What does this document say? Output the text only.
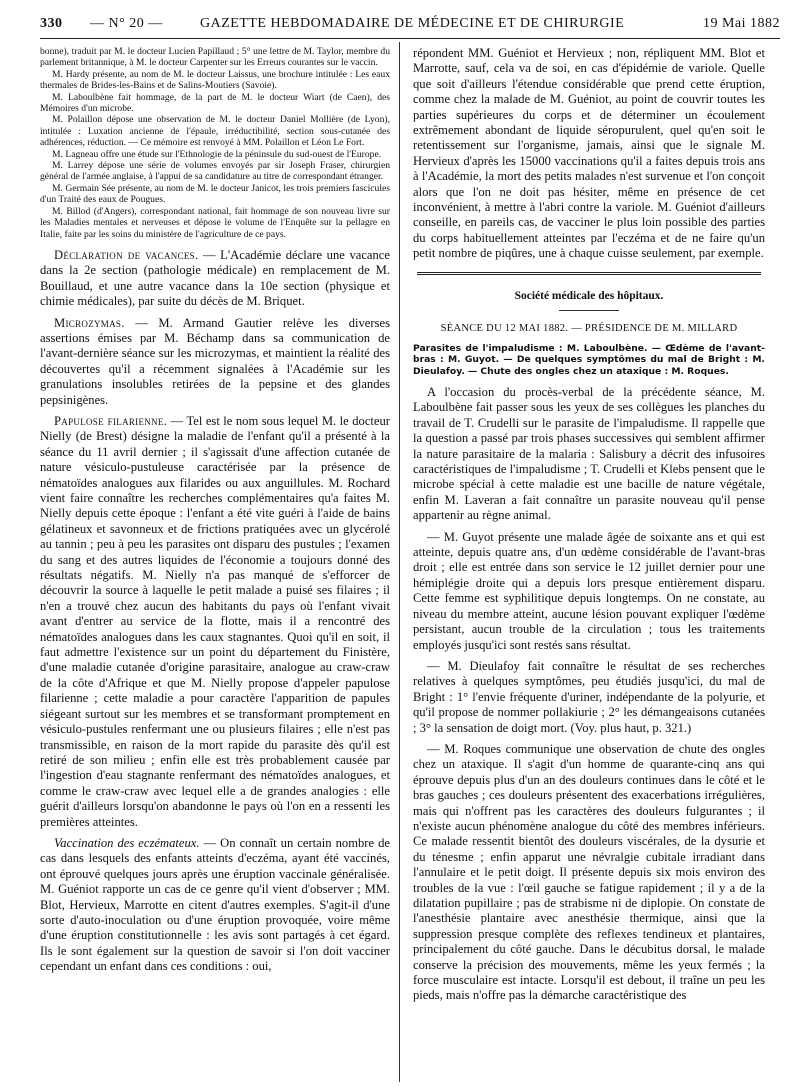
330 — N° 20 —	GAZETTE HEBDOMADAIRE DE MÉDECINE ET DE CHIRURGIE	19 Mai 1882

bonne), traduit par M. le docteur Lucien Papillaud ; 5° une lettre de M. Taylor, membre du parlement britannique, à M. le docteur Carpenter sur les Erreurs courantes sur le vaccin.

M. Hardy présente, au nom de M. le docteur Laissus, une brochure intitulée : Les eaux thermales de Brides-les-Bains et de Salins-Moutiers (Savoie).

M. Laboulbène fait hommage, de la part de M. le docteur Wiart (de Caen), des Mémoires d'un microbe.

M. Polaillon dépose une observation de M. le docteur Daniel Mollière (de Lyon), intitulée : Luxation ancienne de l'épaule, irréductibilité, section sous-cutanée des adhérences, réduction. — Ce mémoire est renvoyé à MM. Polaillon et Léon Le Fort.

M. Lagneau offre une étude sur l'Ethnologie de la péninsule du sud-ouest de l'Europe.

M. Larrey dépose une série de volumes envoyés par sir Joseph Fraser, chirurgien général de l'armée anglaise, à l'appui de sa candidature au titre de correspondant étranger.

M. Germain Sée présente, au nom de M. le docteur Janicot, les trois premiers fascicules d'un Traité des eaux de Pougues.

M. Billod (d'Angers), correspondant national, fait hommage de son nouveau livre sur les Maladies mentales et nerveuses et dépose le volume de l'Enquête sur la pellagre en Italie, faite par les soins du ministère de l'agriculture de ce pays.

Déclaration de vacances. — L'Académie déclare une vacance dans la 2e section (pathologie médicale) en remplacement de M. Bouillaud, et une autre vacance dans la 10e section (physique et chimie médicales), par suite du décès de M. Briquet.

Microzymas. — M. Armand Gautier relève les diverses assertions émises par M. Béchamp dans sa communication de l'avant-dernière séance sur les microzymas, et maintient la réalité des découvertes qu'il a récemment signalées à l'Académie sur les granulations insolubles retirées de la pepsine et des glandes pepsinigènes.

Papulose filarienne. — Tel est le nom sous lequel M. le docteur Nielly (de Brest) désigne la maladie de l'enfant qu'il a présenté à la séance du 11 avril dernier ; il s'agissait d'une affection cutanée de nature vésiculo-pustuleuse caractérisée par la présence de nématoïdes analogues aux filarides ou aux anguillules. M. Rochard vient faire connaître les recherches complémentaires qu'a faites M. Nielly depuis cette époque : l'enfant a été vite guéri à l'aide de bains gélatineux et savonneux et de frictions pratiquées avec un glycérolé au tannin ; peu à peu les parasites ont disparu des pustules ; l'examen du sang et des autres liquides de l'économie a toujours donné des résultats négatifs. M. Nielly n'a pas manqué de s'efforcer de découvrir la source à laquelle le petit malade a puisé ses filaires ; il n'en a trouvé chez aucun des habitants du pays où l'enfant vivait avant d'entrer au service de la flotte, mais il a rencontré des nématoïdes analogues dans les caux stagnantes. Quoi qu'il en soit, il faut admettre l'existence sur un point du département du Finistère, d'une maladie cutanée d'origine parasitaire, analogue au craw-craw de la côte d'Afrique et que M. Nielly propose d'appeler papulose filarienne ; cette maladie a pour caractère l'apparition de papules siégeant surtout sur les membres et se transformant promptement en vésiculo-pustules renfermant une ou plusieurs filaires ; elle n'est pas transmissible, en raison de la mort rapide du parasite dès qu'il est retiré de son milieu ; enfin elle est très probablement causée par l'ingestion d'eau stagnante renfermant des nématoïdes analogues, et comme le craw-craw avec lequel elle a de grandes analogies : elle guérit d'ailleurs lorsqu'on abandonne le pays où l'on en a ressenti les premières atteintes.

Vaccination des eczémateux. — On connaît un certain nombre de cas dans lesquels des enfants atteints d'eczéma, ayant été vaccinés, ont éprouvé quelques jours après une éruption vaccinale généralisée. M. Guéniot rapporte un cas de ce genre qu'il vient d'observer ; MM. Blot, Hervieux, Marrotte en citent d'autres exemples. S'agit-il d'une sorte d'auto-inoculation ou d'une éruption provoquée, voire même d'une éruption constitutionnelle : les avis sont partagés à cet égard. Ils le sont également sur la question de savoir si l'on doit vacciner cependant un enfant dans ces conditions : oui,

répondent MM. Guéniot et Hervieux ; non, répliquent MM. Blot et Marrotte, sauf, cela va de soi, en cas d'épidémie de variole. Quelle que soit d'ailleurs l'étendue considérable que prend cette éruption, comme chez la malade de M. Guéniot, au point de couvrir toutes les parties supérieures du corps et de déterminer un écoulement extrêmement abondant de liquide séropurulent, quel qu'en soit le retentissement sur l'organisme, jamais, ainsi que le signale M. Hervieux d'après les 15000 vaccinations qu'il a faites depuis trois ans à l'Académie, la mort des petits malades n'est survenue et l'on conçoit alors que l'on ne doit pas hésiter, même en présence de cet inconvénient, à mettre à l'abri contre la variole. M. Guéniot d'ailleurs conseille, en pareils cas, de vacciner le plus loin possible des parties du corps habituellement atteintes par l'eczéma et de ne faire qu'un petit nombre de piqûres, une à chaque cuisse seulement, par exemple.

Société médicale des hôpitaux.
SÉANCE DU 12 MAI 1882. — PRÉSIDENCE DE M. MILLARD

Parasites de l'impaludisme : M. Laboulbène. — Œdème de l'avant-bras : M. Guyot. — De quelques symptômes du mal de Bright : M. Dieulafoy. — Chute des ongles chez un ataxique : M. Roques.

A l'occasion du procès-verbal de la précédente séance, M. Laboulbène fait passer sous les yeux de ses collègues les planches du travail de T. Crudelli sur le parasite de l'impaludisme. Il rappelle que la question a passé par trois phases successives qui semblent affirmer la nature parasitaire de la malaria : Salisbury a décrit des infusoires caractéristiques de l'impaludisme ; T. Crudelli et Klebs pensent que le microbe spécial à cette maladie est une bacille de nature végétale, enfin M. Laveran a fait connaître un parasite nouveau qu'il pense appartenir au règne animal.

— M. Guyot présente une malade âgée de soixante ans et qui est atteinte, depuis quatre ans, d'un œdème considérable de l'avant-bras droit ; elle est entrée dans son service le 12 juillet dernier pour une hémiplégie droite qui a depuis lors presque entièrement disparu. Cette femme est syphilitique depuis longtemps. On ne constate, au niveau du membre atteint, aucune lésion pouvant expliquer l'œdème persistant, aucun trouble de la circulation ; tous les traitements employés jusqu'ici sont restés sans résultat.

— M. Dieulafoy fait connaître le résultat de ses recherches relatives à quelques symptômes, peu étudiés jusqu'ici, du mal de Bright : 1° l'envie fréquente d'uriner, indépendante de la polyurie, et qu'il propose de nommer pollakiurie ; 2° les démangeaisons cutanées ; 3° la sensation de doigt mort. (Voy. plus haut, p. 321.)

— M. Roques communique une observation de chute des ongles chez un ataxique. Il s'agit d'un homme de quarante-cinq ans qui éprouve depuis plus d'un an des douleurs continues dans le côté et le bras gauches ; ces douleurs présentent des exacerbations irrégulières, mais qui n'offrent pas les caractères des douleurs fulgurantes ; il n'existe aucun phénomène analogue du côté des membres inférieurs. Ce malade ressentit bientôt des douleurs viscérales, de la dysurie et du ténesme ; enfin apparut une névralgie cubitale irradiant dans l'annulaire et le petit doigt. Il présente depuis six mois environ des troubles de la vue : l'œil gauche se fatigue rapidement ; il y a de la dilatation pupillaire ; pas de strabisme ni de diplopie. On constate de l'anesthésie plantaire avec anesthésie thermique, ainsi que la suppression presque complète des reflexes tendineux et plantaires, principalement du côté gauche. Dans le décubitus dorsal, le malade conserve la précision des mouvements, même les yeux fermés ; la force musculaire est intacte. Lorsqu'il est debout, il traîne un peu les pieds, mais n'offre pas la démarche caractéristique des
